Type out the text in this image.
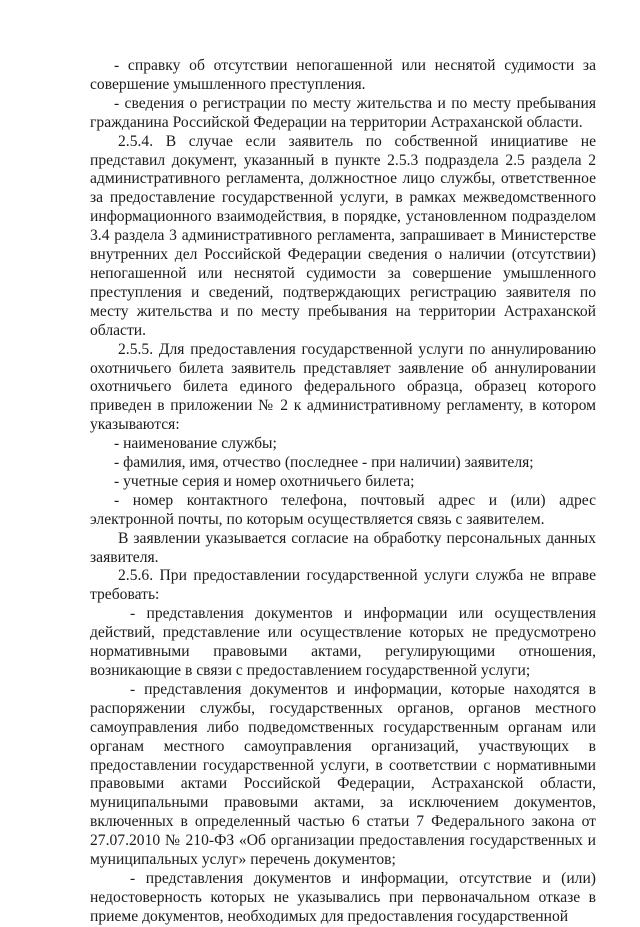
- справку об отсутствии непогашенной или неснятой судимости за совершение умышленного преступления.

- сведения о регистрации по месту жительства и по месту пребывания гражданина Российской Федерации на территории Астраханской области.

2.5.4. В случае если заявитель по собственной инициативе не представил документ, указанный в пункте 2.5.3 подраздела 2.5 раздела 2 административного регламента, должностное лицо службы, ответственное за предоставление государственной услуги, в рамках межведомственного информационного взаимодействия, в порядке, установленном подразделом 3.4 раздела 3 административного регламента, запрашивает в Министерстве внутренних дел Российской Федерации сведения о наличии (отсутствии) непогашенной или неснятой судимости за совершение умышленного преступления и сведений, подтверждающих регистрацию заявителя по месту жительства и по месту пребывания на территории Астраханской области.

2.5.5. Для предоставления государственной услуги по аннулированию охотничьего билета заявитель представляет заявление об аннулировании охотничьего билета единого федерального образца, образец которого приведен в приложении № 2 к административному регламенту, в котором указываются:

- наименование службы;

- фамилия, имя, отчество (последнее - при наличии) заявителя;

- учетные серия и номер охотничьего билета;

- номер контактного телефона, почтовый адрес и (или) адрес электронной почты, по которым осуществляется связь с заявителем.

В заявлении указывается согласие на обработку персональных данных заявителя.

2.5.6. При предоставлении государственной услуги служба не вправе требовать:

- представления документов и информации или осуществления действий, представление или осуществление которых не предусмотрено нормативными правовыми актами, регулирующими отношения, возникающие в связи с предоставлением государственной услуги;

- представления документов и информации, которые находятся в распоряжении службы, государственных органов, органов местного самоуправления либо подведомственных государственным органам или органам местного самоуправления организаций, участвующих в предоставлении государственной услуги, в соответствии с нормативными правовыми актами Российской Федерации, Астраханской области, муниципальными правовыми актами, за исключением документов, включенных в определенный частью 6 статьи 7 Федерального закона от 27.07.2010 № 210-ФЗ «Об организации предоставления государственных и муниципальных услуг» перечень документов;

- представления документов и информации, отсутствие и (или) недостоверность которых не указывались при первоначальном отказе в приеме документов, необходимых для предоставления государственной
